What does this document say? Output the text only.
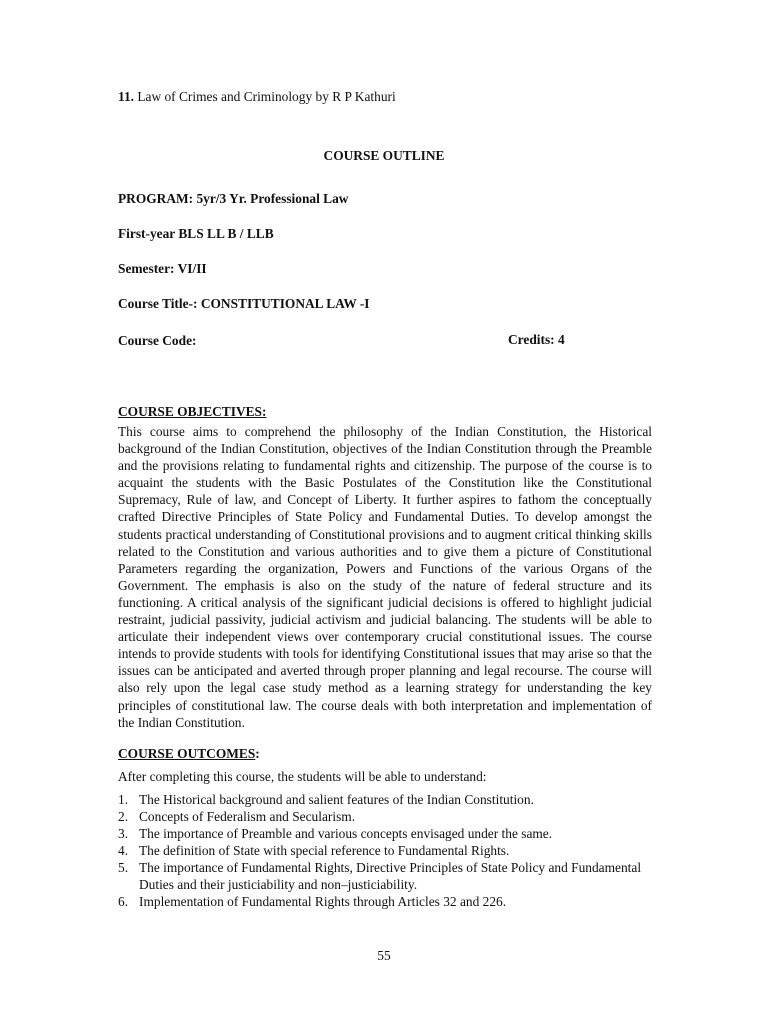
11. Law of Crimes and Criminology by R P Kathuri
COURSE OUTLINE
PROGRAM: 5yr/3 Yr. Professional Law
First-year BLS LL B / LLB
Semester: VI/II
Course Title-: CONSTITUTIONAL LAW -I
Course Code:	Credits: 4
COURSE OBJECTIVES:
This course aims to comprehend the philosophy of the Indian Constitution, the Historical background of the Indian Constitution, objectives of the Indian Constitution through the Preamble and the provisions relating to fundamental rights and citizenship. The purpose of the course is to acquaint the students with the Basic Postulates of the Constitution like the Constitutional Supremacy, Rule of law, and Concept of Liberty. It further aspires to fathom the conceptually crafted Directive Principles of State Policy and Fundamental Duties. To develop amongst the students practical understanding of Constitutional provisions and to augment critical thinking skills related to the Constitution and various authorities and to give them a picture of Constitutional Parameters regarding the organization, Powers and Functions of the various Organs of the Government. The emphasis is also on the study of the nature of federal structure and its functioning. A critical analysis of the significant judicial decisions is offered to highlight judicial restraint, judicial passivity, judicial activism and judicial balancing. The students will be able to articulate their independent views over contemporary crucial constitutional issues. The course intends to provide students with tools for identifying Constitutional issues that may arise so that the issues can be anticipated and averted through proper planning and legal recourse. The course will also rely upon the legal case study method as a learning strategy for understanding the key principles of constitutional law. The course deals with both interpretation and implementation of the Indian Constitution.
COURSE OUTCOMES:
After completing this course, the students will be able to understand:
1. The Historical background and salient features of the Indian Constitution.
2. Concepts of Federalism and Secularism.
3. The importance of Preamble and various concepts envisaged under the same.
4. The definition of State with special reference to Fundamental Rights.
5. The importance of Fundamental Rights, Directive Principles of State Policy and Fundamental Duties and their justiciability and non–justiciability.
6. Implementation of Fundamental Rights through Articles 32 and 226.
55
